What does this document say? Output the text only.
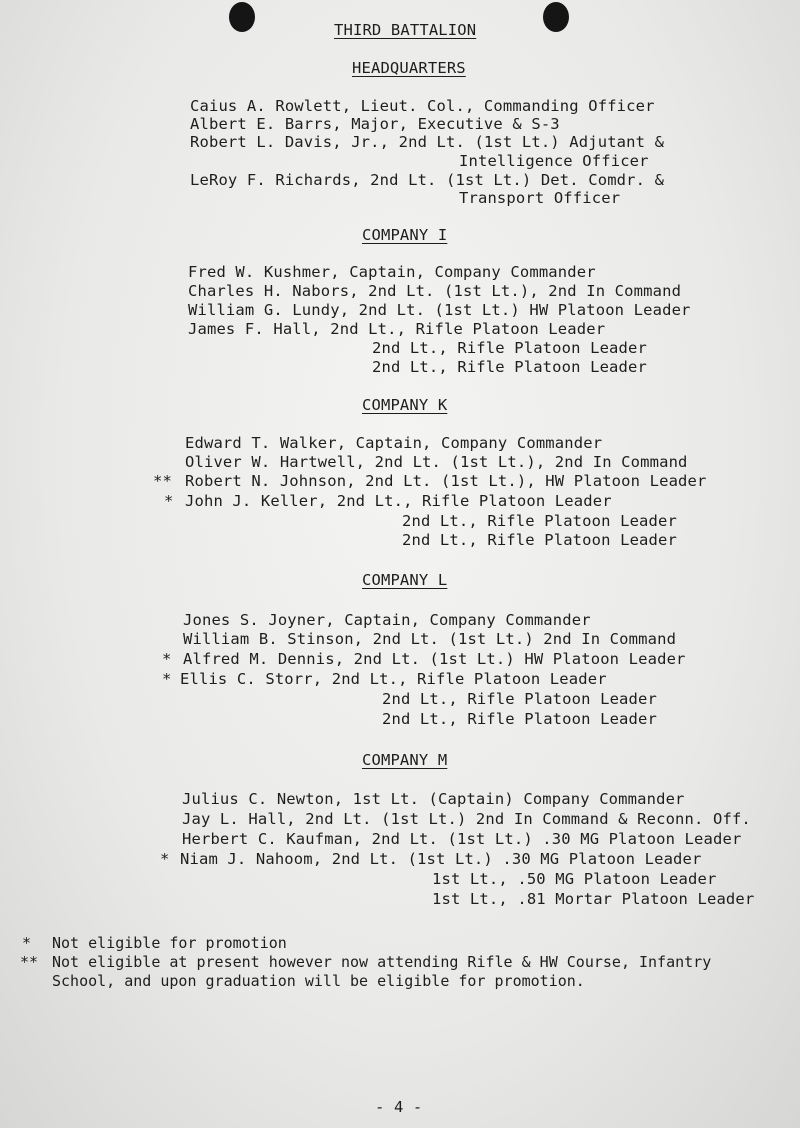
THIRD BATTALION
HEADQUARTERS
Caius A. Rowlett, Lieut. Col., Commanding Officer
Albert E. Barrs, Major, Executive & S-3
Robert L. Davis, Jr., 2nd Lt. (1st Lt.) Adjutant &
Intelligence Officer
LeRoy F. Richards, 2nd Lt. (1st Lt.) Det. Comdr. &
Transport Officer
COMPANY I
Fred W. Kushmer, Captain, Company Commander
Charles H. Nabors, 2nd Lt. (1st Lt.), 2nd In Command
William G. Lundy, 2nd Lt. (1st Lt.) HW Platoon Leader
James F. Hall, 2nd Lt., Rifle Platoon Leader
2nd Lt., Rifle Platoon Leader
2nd Lt., Rifle Platoon Leader
COMPANY K
Edward T. Walker, Captain, Company Commander
Oliver W. Hartwell, 2nd Lt. (1st Lt.), 2nd In Command
** Robert N. Johnson, 2nd Lt. (1st Lt.), HW Platoon Leader
* John J. Keller, 2nd Lt., Rifle Platoon Leader
2nd Lt., Rifle Platoon Leader
2nd Lt., Rifle Platoon Leader
COMPANY L
Jones S. Joyner, Captain, Company Commander
William B. Stinson, 2nd Lt. (1st Lt.) 2nd In Command
* Alfred M. Dennis, 2nd Lt. (1st Lt.) HW Platoon Leader
* Ellis C. Storr, 2nd Lt., Rifle Platoon Leader
2nd Lt., Rifle Platoon Leader
2nd Lt., Rifle Platoon Leader
COMPANY M
Julius C. Newton, 1st Lt. (Captain) Company Commander
Jay L. Hall, 2nd Lt. (1st Lt.) 2nd In Command & Reconn. Off.
Herbert C. Kaufman, 2nd Lt. (1st Lt.) .30 MG Platoon Leader
* Niam J. Nahoom, 2nd Lt. (1st Lt.) .30 MG Platoon Leader
1st Lt., .50 MG Platoon Leader
1st Lt., .81 Mortar Platoon Leader
* Not eligible for promotion
** Not eligible at present however now attending Rifle & HW Course, Infantry
School, and upon graduation will be eligible for promotion.
- 4 -
